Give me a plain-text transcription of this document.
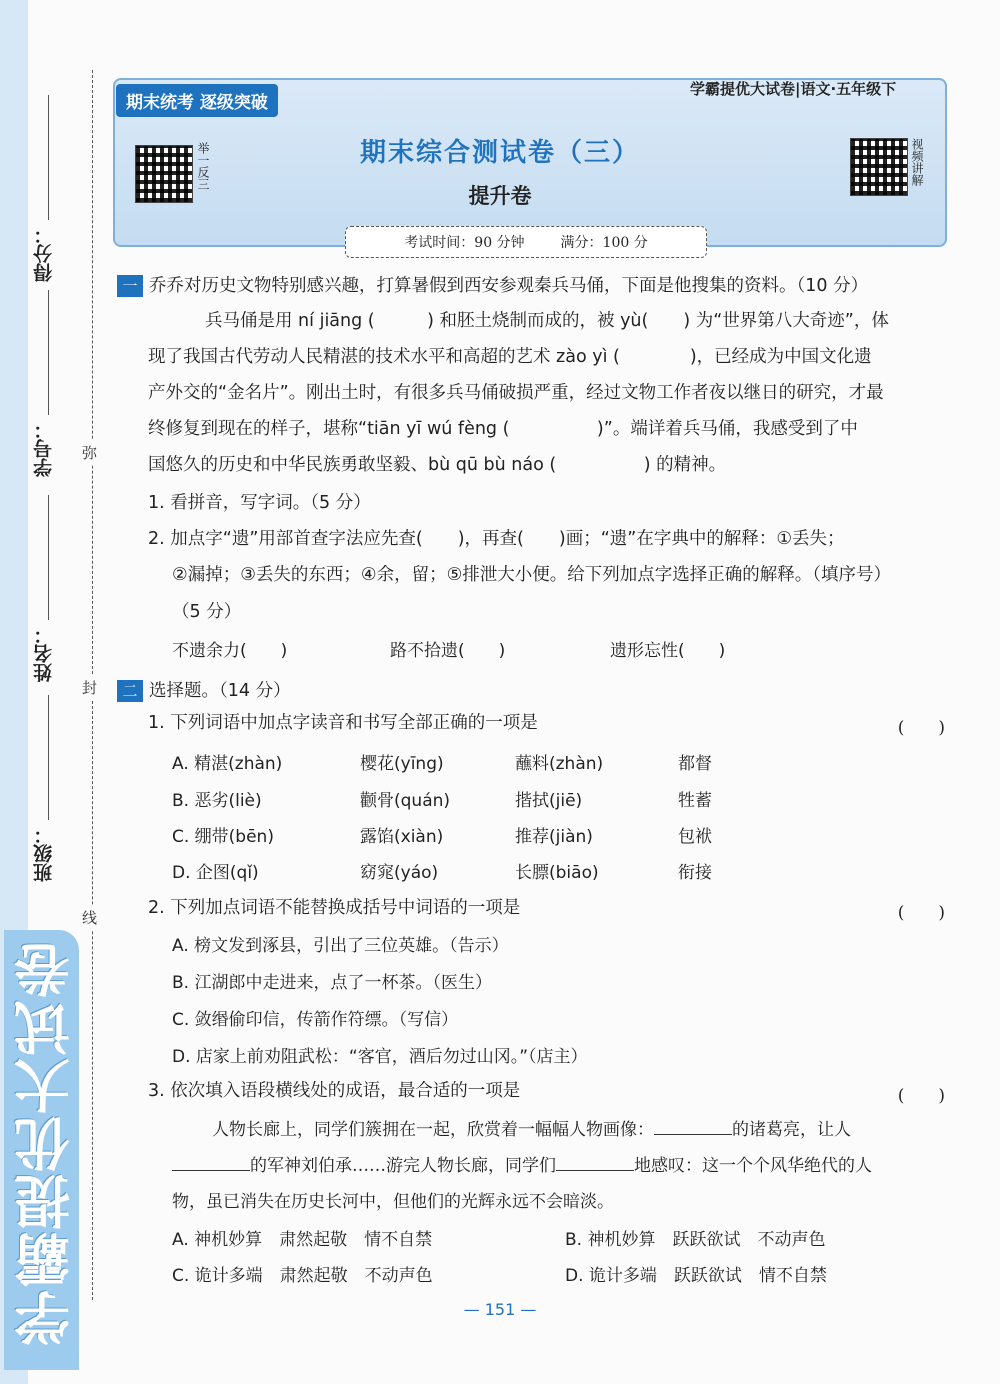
得分：
学号：
姓名：
班级：
弥
封
线
学霸提优大试卷
期末统考 逐级突破
学霸提优大试卷|语文·五年级下
举一反三	视频讲解
期末综合测试卷（三）
提升卷
考试时间：90 分钟	满分：100 分
一 乔乔对历史文物特别感兴趣，打算暑假到西安参观秦兵马俑，下面是他搜集的资料。（10 分）
兵马俑是用 ní jiāng (　　　) 和胚土烧制而成的，被 yù(　　) 为“世界第八大奇迹”，体
现了我国古代劳动人民精湛的技术水平和高超的艺术 zào yì (　　　　)，已经成为中国文化遗
产外交的“金名片”。刚出土时，有很多兵马俑破损严重，经过文物工作者夜以继日的研究，才最
终修复到现在的样子，堪称“tiān yī wú fèng (　　　　　)”。端详着兵马俑，我感受到了中
国悠久的历史和中华民族勇敢坚毅、bù qū bù náo (　　　　　) 的精神。
1. 看拼音，写字词。（5 分）
2. 加点字“遗”用部首查字法应先查(　　)，再查(　　)画；“遗”在字典中的解释：①丢失；
②漏掉；③丢失的东西；④余，留；⑤排泄大小便。给下列加点字选择正确的解释。（填序号）
（5 分）
不遗余力(　　)	路不拾遗(　　)	遗形忘性(　　)
二 选择题。（14 分）
1. 下列词语中加点字读音和书写全部正确的一项是	(　　)
A. 精湛(zhàn)	樱花(yīng)	蘸料(zhàn)	都督
B. 恶劣(liè)	颧骨(quán)	揩拭(jiē)	牲蓄
C. 绷带(bēn)	露馅(xiàn)	推荐(jiàn)	包袱
D. 企图(qǐ)	窈窕(yáo)	长膘(biāo)	衔接
2. 下列加点词语不能替换成括号中词语的一项是	(　　)
A. 榜文发到涿县，引出了三位英雄。（告示）
B. 江湖郎中走进来，点了一杯茶。（医生）
C. 敛缗偷印信，传箭作符缥。（写信）
D. 店家上前劝阻武松：“客官，酒后勿过山冈。”（店主）
3. 依次填入语段横线处的成语，最合适的一项是	(　　)
人物长廊上，同学们簇拥在一起，欣赏着一幅幅人物画像：	的诸葛亮，让人
的军神刘伯承……游完人物长廊，同学们	地感叹：这一个个风华绝代的人
物，虽已消失在历史长河中，但他们的光辉永远不会暗淡。
A. 神机妙算　肃然起敬　情不自禁	B. 神机妙算　跃跃欲试　不动声色
C. 诡计多端　肃然起敬　不动声色	D. 诡计多端　跃跃欲试　情不自禁
— 151 —
